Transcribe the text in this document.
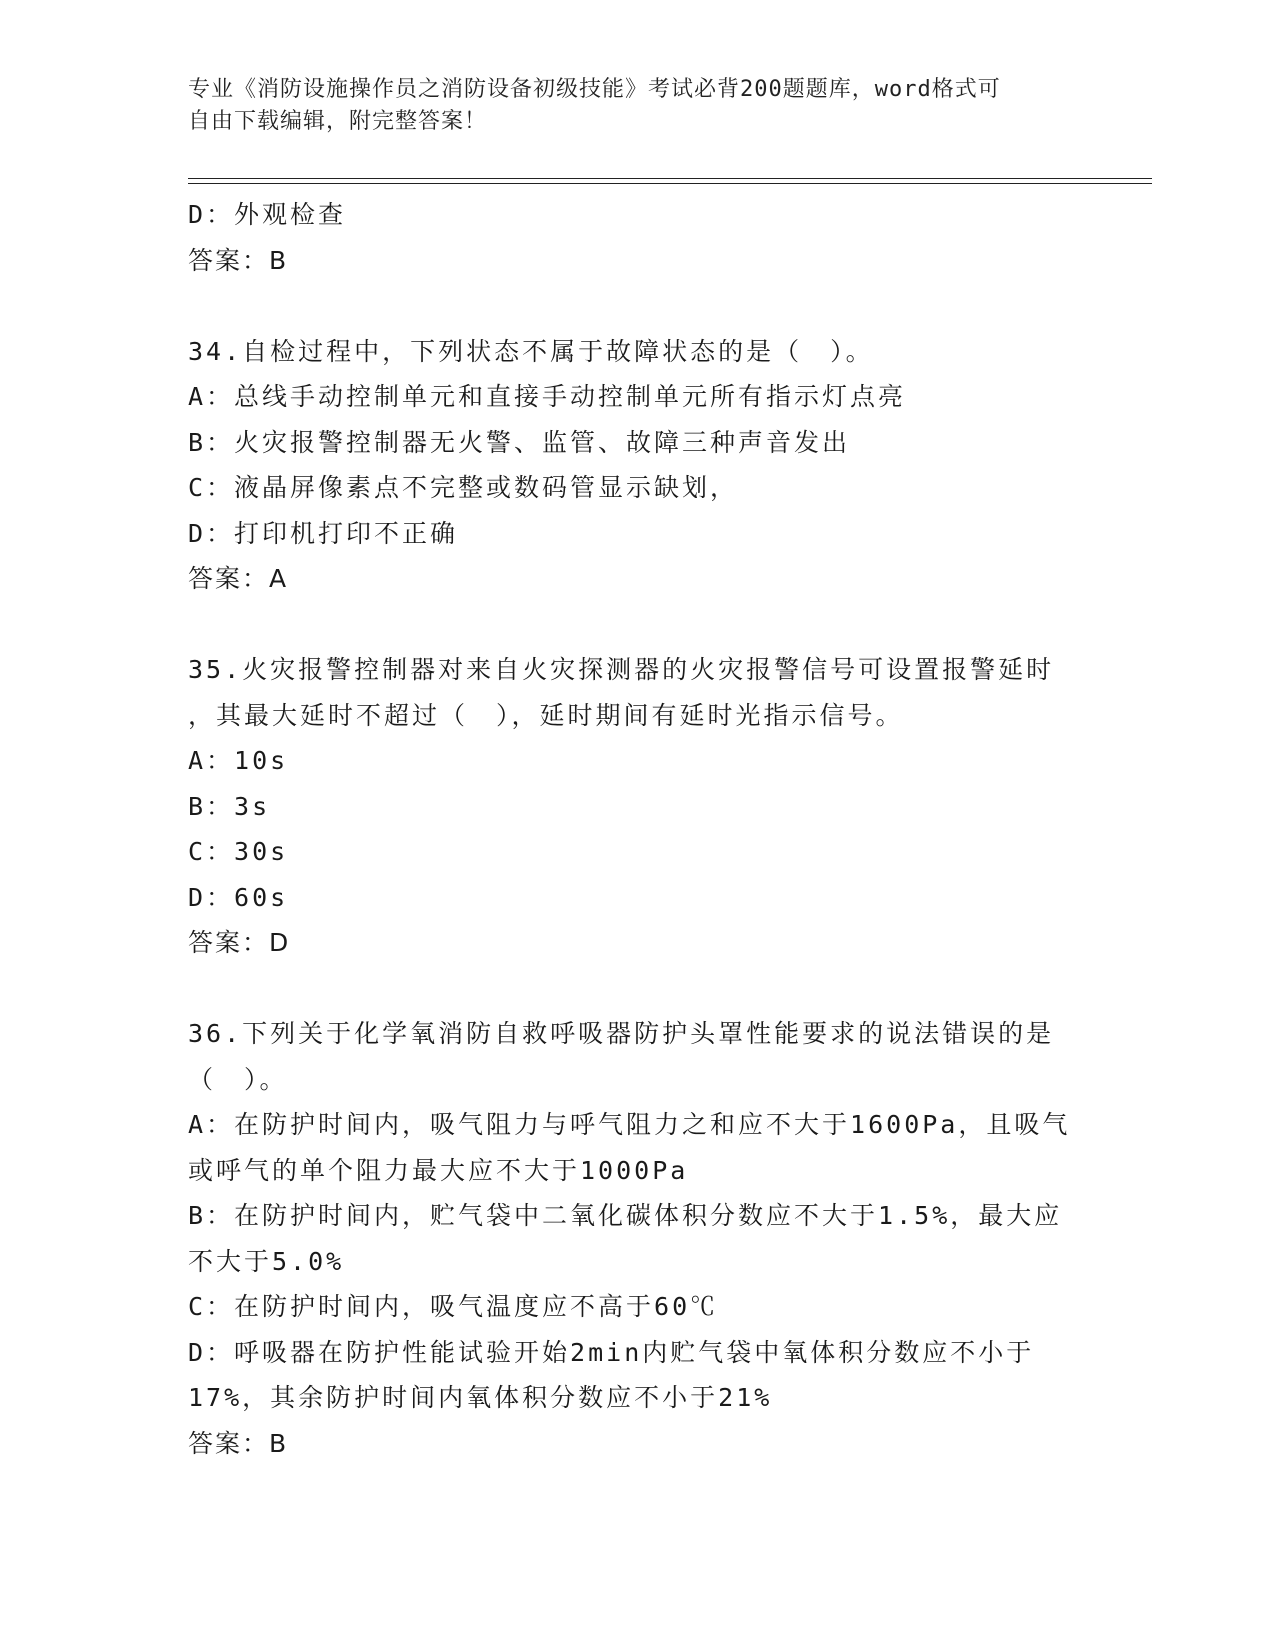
专业《消防设施操作员之消防设备初级技能》考试必背200题题库，word格式可
自由下载编辑，附完整答案！

D：外观检查

答案：B

34.自检过程中，下列状态不属于故障状态的是（　）。

A：总线手动控制单元和直接手动控制单元所有指示灯点亮

B：火灾报警控制器无火警、监管、故障三种声音发出

C：液晶屏像素点不完整或数码管显示缺划，

D：打印机打印不正确

答案：A

35.火灾报警控制器对来自火灾探测器的火灾报警信号可设置报警延时

，其最大延时不超过（　），延时期间有延时光指示信号。

A：10s

B：3s

C：30s

D：60s

答案：D

36.下列关于化学氧消防自救呼吸器防护头罩性能要求的说法错误的是

（　）。

A：在防护时间内，吸气阻力与呼气阻力之和应不大于1600Pa，且吸气

或呼气的单个阻力最大应不大于1000Pa

B：在防护时间内，贮气袋中二氧化碳体积分数应不大于1.5%，最大应

不大于5.0%

C：在防护时间内，吸气温度应不高于60℃

D：呼吸器在防护性能试验开始2min内贮气袋中氧体积分数应不小于

17%，其余防护时间内氧体积分数应不小于21%

答案：B
